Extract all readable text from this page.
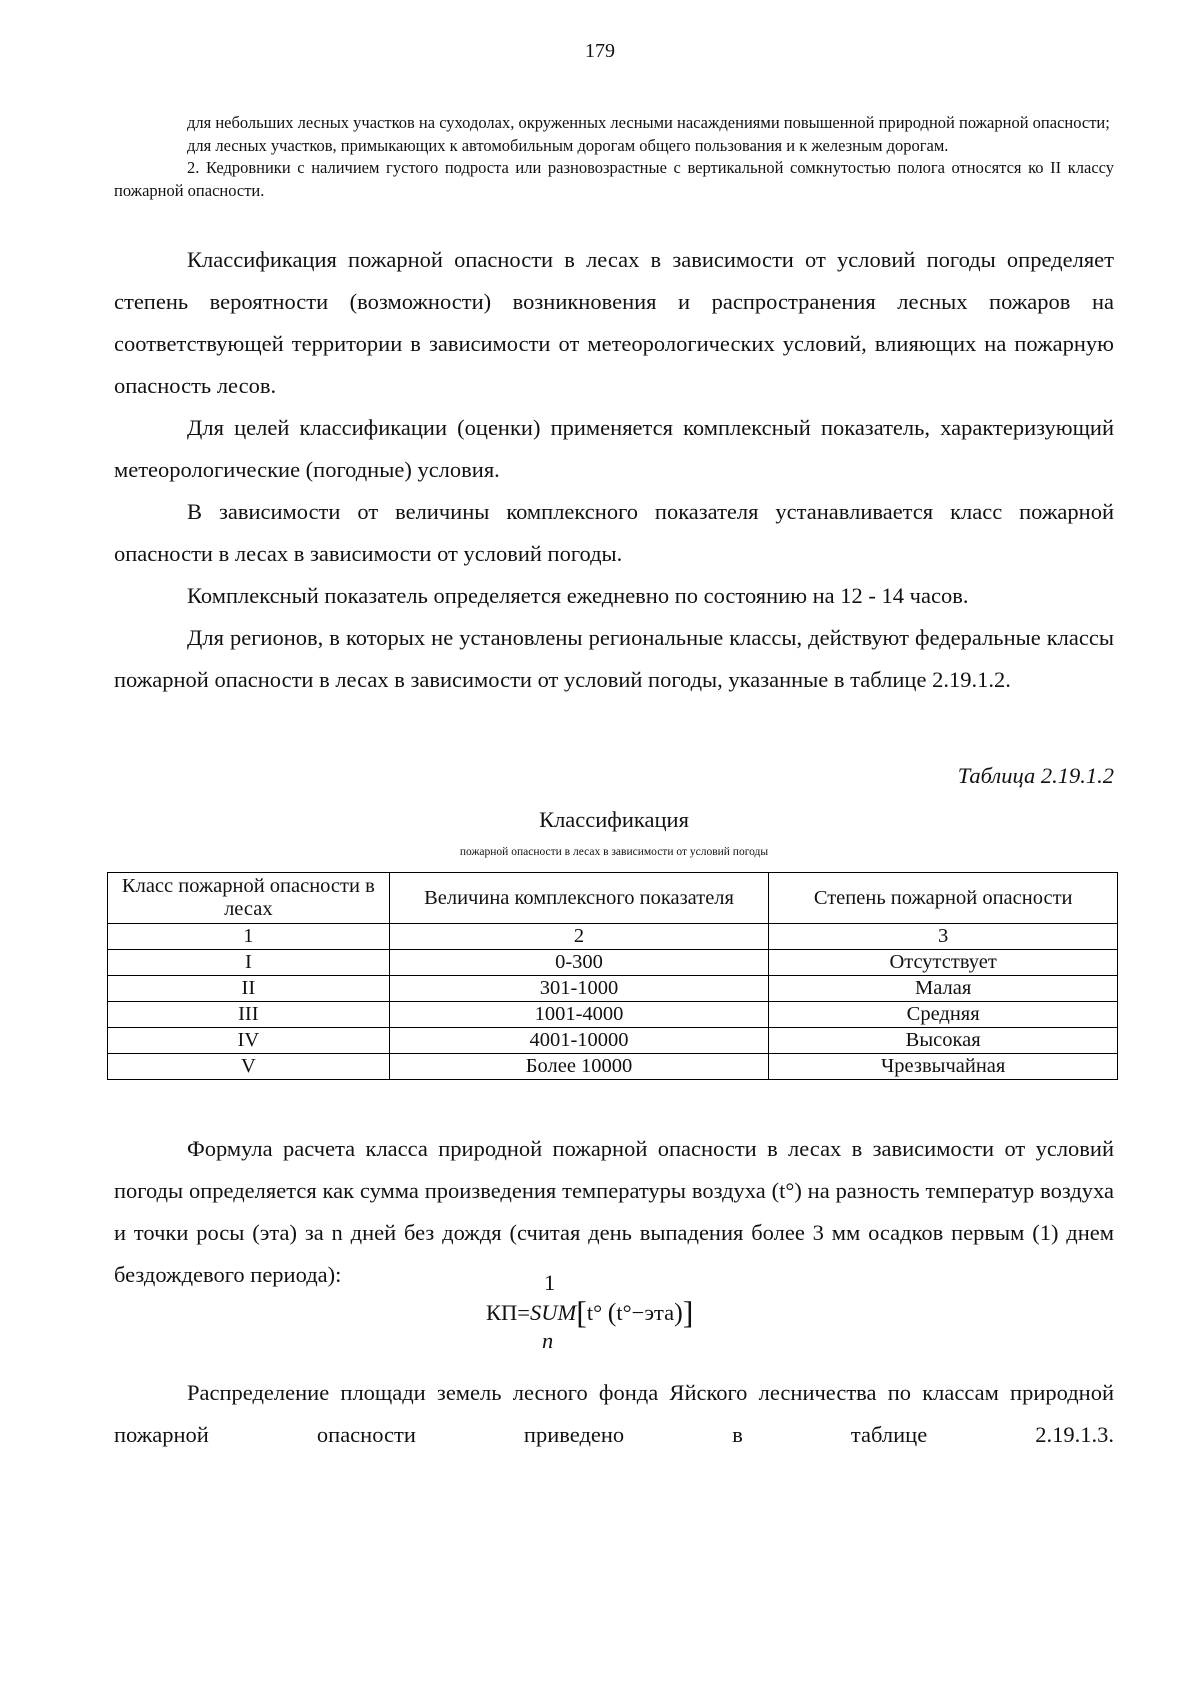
179

для небольших лесных участков на суходолах, окруженных лесными насаждениями повышенной природной пожарной опасности;

для лесных участков, примыкающих к автомобильным дорогам общего пользования и к железным дорогам.

2. Кедровники с наличием густого подроста или разновозрастные с вертикальной сомкнутостью полога относятся ко II классу пожарной опасности.

Классификация пожарной опасности в лесах в зависимости от условий погоды определяет степень вероятности (возможности) возникновения и распространения лесных пожаров на соответствующей территории в зависимости от метеорологических условий, влияющих на пожарную опасность лесов.

Для целей классификации (оценки) применяется комплексный показатель, характеризующий метеорологические (погодные) условия.

В зависимости от величины комплексного показателя устанавливается класс пожарной опасности в лесах в зависимости от условий погоды.

Комплексный показатель определяется ежедневно по состоянию на 12 - 14 часов.

Для регионов, в которых не установлены региональные классы, действуют федеральные классы пожарной опасности в лесах в зависимости от условий погоды, указанные в таблице 2.19.1.2.

Таблица 2.19.1.2
Классификация
пожарной опасности в лесах в зависимости от условий погоды
Класс пожарной опасности в лесах	Величина комплексного показателя	Степень пожарной опасности
1	2	3
I	0-300	Отсутствует
II	301-1000	Малая
III	1001-4000	Средняя
IV	4001-10000	Высокая
V	Более 10000	Чрезвычайная

Формула расчета класса природной пожарной опасности в лесах в зависимости от условий погоды определяется как сумма произведения температуры воздуха (t°) на разность температур воздуха и точки росы (эта) за n дней без дождя (считая день выпадения более 3 мм осадков первым (1) днем бездождевого периода):	1
КП=SUM[t° (t°−эта)]
n

Распределение площади земель лесного фонда Яйского лесничества по классам природной пожарной опасности приведено в таблице 2.19.1.3.
